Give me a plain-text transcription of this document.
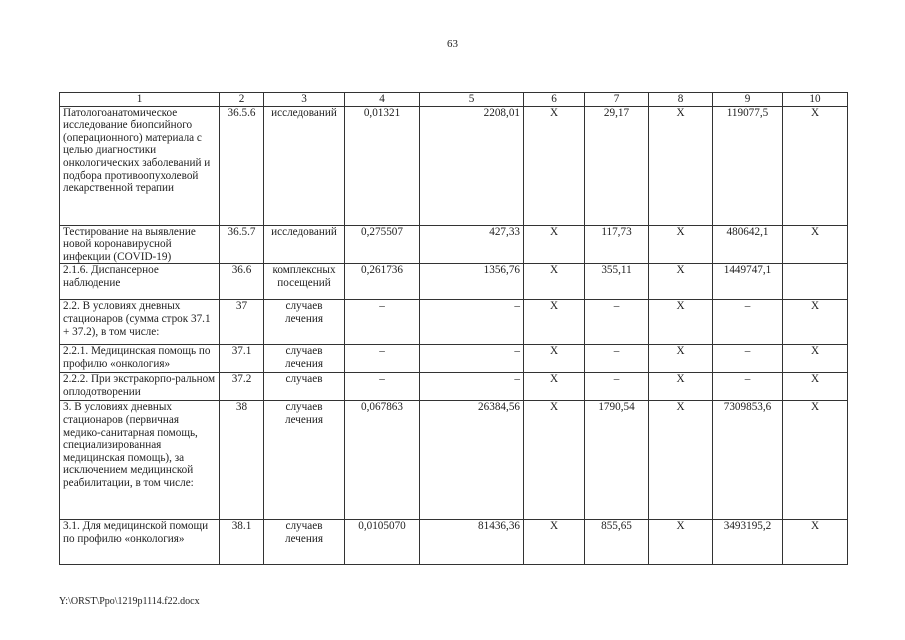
63
1	2	3	4	5	6	7	8	9	10
Патологоанатомическое исследование биопсийного (операционного) материала с целью диагностики онкологических заболеваний и подбора противоопухолевой лекарственной терапии	36.5.6	исследований	0,01321	2208,01	X	29,17	X	119077,5	X
Тестирование на выявление новой коронавирусной инфекции (COVID-19)	36.5.7	исследований	0,275507	427,33	X	117,73	X	480642,1	X
2.1.6. Диспансерное наблюдение	36.6	комплексных посещений	0,261736	1356,76	X	355,11	X	1449747,1	
2.2. В условиях дневных стационаров (сумма строк 37.1 + 37.2), в том числе:	37	случаев лечения	–	–	X	–	X	–	X
2.2.1. Медицинская помощь по профилю «онкология»	37.1	случаев лечения	–	–	X	–	X	–	X
2.2.2. При экстракорпо-ральном оплодотворении	37.2	случаев	–	–	X	–	X	–	X
3. В условиях дневных стационаров (первичная медико-санитарная помощь, специализированная медицинская помощь), за исключением медицинской реабилитации, в том числе:	38	случаев лечения	0,067863	26384,56	X	1790,54	X	7309853,6	X
3.1. Для медицинской помощи по профилю «онкология»	38.1	случаев лечения	0,0105070	81436,36	X	855,65	X	3493195,2	X
Y:\ORST\Ppo\1219p1114.f22.docx
